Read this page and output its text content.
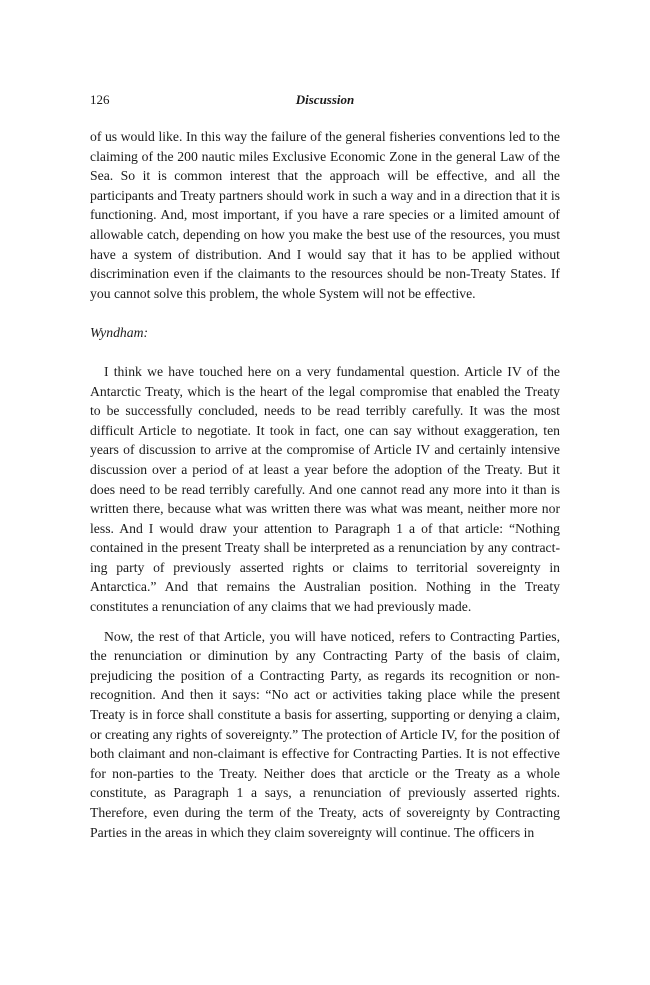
126	Discussion

of us would like. In this way the failure of the general fisheries conventions led to the claiming of the 200 nautic miles Exclusive Economic Zone in the general Law of the Sea. So it is common interest that the approach will be effective, and all the participants and Treaty partners should work in such a way and in a direction that it is functioning. And, most important, if you have a rare species or a limited amount of allowable catch, depending on how you make the best use of the resources, you must have a system of distribution. And I would say that it has to be applied without discrimination even if the claimants to the resources should be non-Treaty States. If you cannot solve this problem, the whole System will not be effective.

Wyndham:

I think we have touched here on a very fundamental question. Article IV of the Antarctic Treaty, which is the heart of the legal compromise that enabled the Treaty to be successfully concluded, needs to be read terribly carefully. It was the most difficult Article to negotiate. It took in fact, one can say without exaggeration, ten years of discussion to arrive at the compromise of Article IV and certainly intensive discussion over a period of at least a year before the adoption of the Treaty. But it does need to be read terribly carefully. And one cannot read any more into it than is written there, because what was written there was what was meant, neither more nor less. And I would draw your attention to Paragraph 1 a of that article: “Nothing contained in the present Treaty shall be interpreted as a renunciation by any contracting party of previously asserted rights or claims to territorial sovereignty in Antarctica.” And that remains the Australian position. Nothing in the Treaty constitutes a renunciation of any claims that we had previously made.

Now, the rest of that Article, you will have noticed, refers to Contracting Parties, the renunciation or diminution by any Contracting Party of the basis of claim, prejudicing the position of a Contracting Party, as regards its recognition or non-recognition. And then it says: “No act or activities taking place while the present Treaty is in force shall constitute a basis for asserting, supporting or denying a claim, or creating any rights of sovereignty.” The protection of Article IV, for the position of both claimant and non-claimant is effective for Contracting Parties. It is not effective for non-parties to the Treaty. Neither does that arcticle or the Treaty as a whole constitute, as Paragraph 1 a says, a renunciation of previously asserted rights. Therefore, even during the term of the Treaty, acts of sovereignty by Contracting Parties in the areas in which they claim sovereignty will continue. The officers in
